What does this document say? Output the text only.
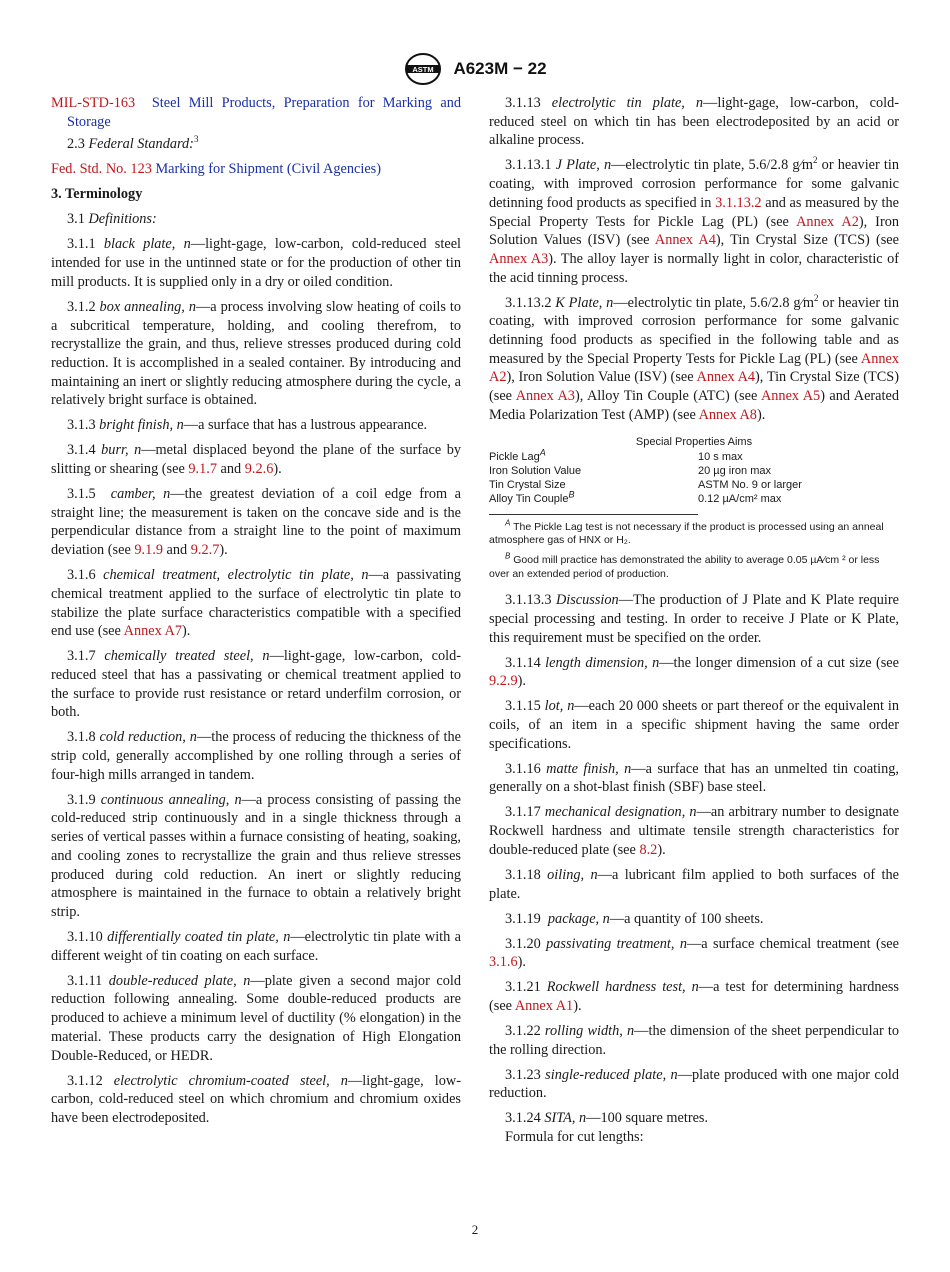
ASTM A623M − 22

MIL-STD-163 Steel Mill Products, Preparation for Marking and Storage

2.3 Federal Standard:$^3$

Fed. Std. No. 123 Marking for Shipment (Civil Agencies)

3. Terminology

3.1 Definitions:

3.1.1 black plate, n—light-gage, low-carbon, cold-reduced steel intended for use in the untinned state or for the production of other tin mill products. It is supplied only in a dry or oiled condition.

3.1.2 box annealing, n—a process involving slow heating of coils to a subcritical temperature, holding, and cooling therefrom, to recrystallize the grain, and thus, relieve stresses produced during cold reduction. It is accomplished in a sealed container. By introducing and maintaining an inert or slightly reducing atmosphere during the cycle, a relatively bright surface is obtained.

3.1.3 bright finish, n—a surface that has a lustrous appearance.

3.1.4 burr, n—metal displaced beyond the plane of the surface by slitting or shearing (see 9.1.7 and 9.2.6).

3.1.5 camber, n—the greatest deviation of a coil edge from a straight line; the measurement is taken on the concave side and is the perpendicular distance from a straight line to the point of maximum deviation (see 9.1.9 and 9.2.7).

3.1.6 chemical treatment, electrolytic tin plate, n—a passivating chemical treatment applied to the surface of electrolytic tin plate to stabilize the plate surface characteristics compatible with a specified end use (see Annex A7).

3.1.7 chemically treated steel, n—light-gage, low-carbon, cold-reduced steel that has a passivating or chemical treatment applied to the surface to provide rust resistance or retard underfilm corrosion, or both.

3.1.8 cold reduction, n—the process of reducing the thickness of the strip cold, generally accomplished by one rolling through a series of four-high mills arranged in tandem.

3.1.9 continuous annealing, n—a process consisting of passing the cold-reduced strip continuously and in a single thickness through a series of vertical passes within a furnace consisting of heating, soaking, and cooling zones to recrystallize the grain and thus relieve stresses produced during cold reduction. An inert or slightly reducing atmosphere is maintained in the furnace to obtain a relatively bright strip.

3.1.10 differentially coated tin plate, n—electrolytic tin plate with a different weight of tin coating on each surface.

3.1.11 double-reduced plate, n—plate given a second major cold reduction following annealing. Some double-reduced products are produced to achieve a minimum level of ductility (% elongation) in the material. These products carry the designation of High Elongation Double-Reduced, or HEDR.

3.1.12 electrolytic chromium-coated steel, n—light-gage, low-carbon, cold-reduced steel on which chromium and chromium oxides have been electrodeposited.

3.1.13 electrolytic tin plate, n—light-gage, low-carbon, cold-reduced steel on which tin has been electrodeposited by an acid or alkaline process.

3.1.13.1 J Plate, n—electrolytic tin plate, 5.6/2.8 $g⁄m^2$ or heavier tin coating, with improved corrosion performance for some galvanic detinning food products as specified in 3.1.13.2 and as measured by the Special Property Tests for Pickle Lag (PL) (see Annex A2), Iron Solution Values (ISV) (see Annex A4), Tin Crystal Size (TCS) (see Annex A3). The alloy layer is normally light in color, characteristic of the acid tinning process.

3.1.13.2 K Plate, n—electrolytic tin plate, 5.6/2.8 $g⁄m^2$ or heavier tin coating, with improved corrosion performance for some galvanic detinning food products as specified in the following table and as measured by the Special Property Tests for Pickle Lag (PL) (see Annex A2), Iron Solution Value (ISV) (see Annex A4), Tin Crystal Size (TCS) (see Annex A3), Alloy Tin Couple (ATC) (see Annex A5) and Aerated Media Polarization Test (AMP) (see Annex A8).

Special Properties Aims
Pickle Lag$^A$	10 s max
Iron Solution Value	20 µg iron max
Tin Crystal Size	ASTM No. 9 or larger
Alloy Tin Couple$^B$	0.12 µA/cm² max

$^A$ The Pickle Lag test is not necessary if the product is processed using an anneal atmosphere gas of HNX or H₂.

$^B$ Good mill practice has demonstrated the ability to average 0.05 µA⁄cm ² or less over an extended period of production.

3.1.13.3 Discussion—The production of J Plate and K Plate require special processing and testing. In order to receive J Plate or K Plate, this requirement must be specified on the order.

3.1.14 length dimension, n—the longer dimension of a cut size (see 9.2.9).

3.1.15 lot, n—each 20 000 sheets or part thereof or the equivalent in coils, of an item in a specific shipment having the same order specifications.

3.1.16 matte finish, n—a surface that has an unmelted tin coating, generally on a shot-blast finish (SBF) base steel.

3.1.17 mechanical designation, n—an arbitrary number to designate Rockwell hardness and ultimate tensile strength characteristics for double-reduced plate (see 8.2).

3.1.18 oiling, n—a lubricant film applied to both surfaces of the plate.

3.1.19 package, n—a quantity of 100 sheets.

3.1.20 passivating treatment, n—a surface chemical treatment (see 3.1.6).

3.1.21 Rockwell hardness test, n—a test for determining hardness (see Annex A1).

3.1.22 rolling width, n—the dimension of the sheet perpendicular to the rolling direction.

3.1.23 single-reduced plate, n—plate produced with one major cold reduction.

3.1.24 SITA, n—100 square metres.

Formula for cut lengths:

2
